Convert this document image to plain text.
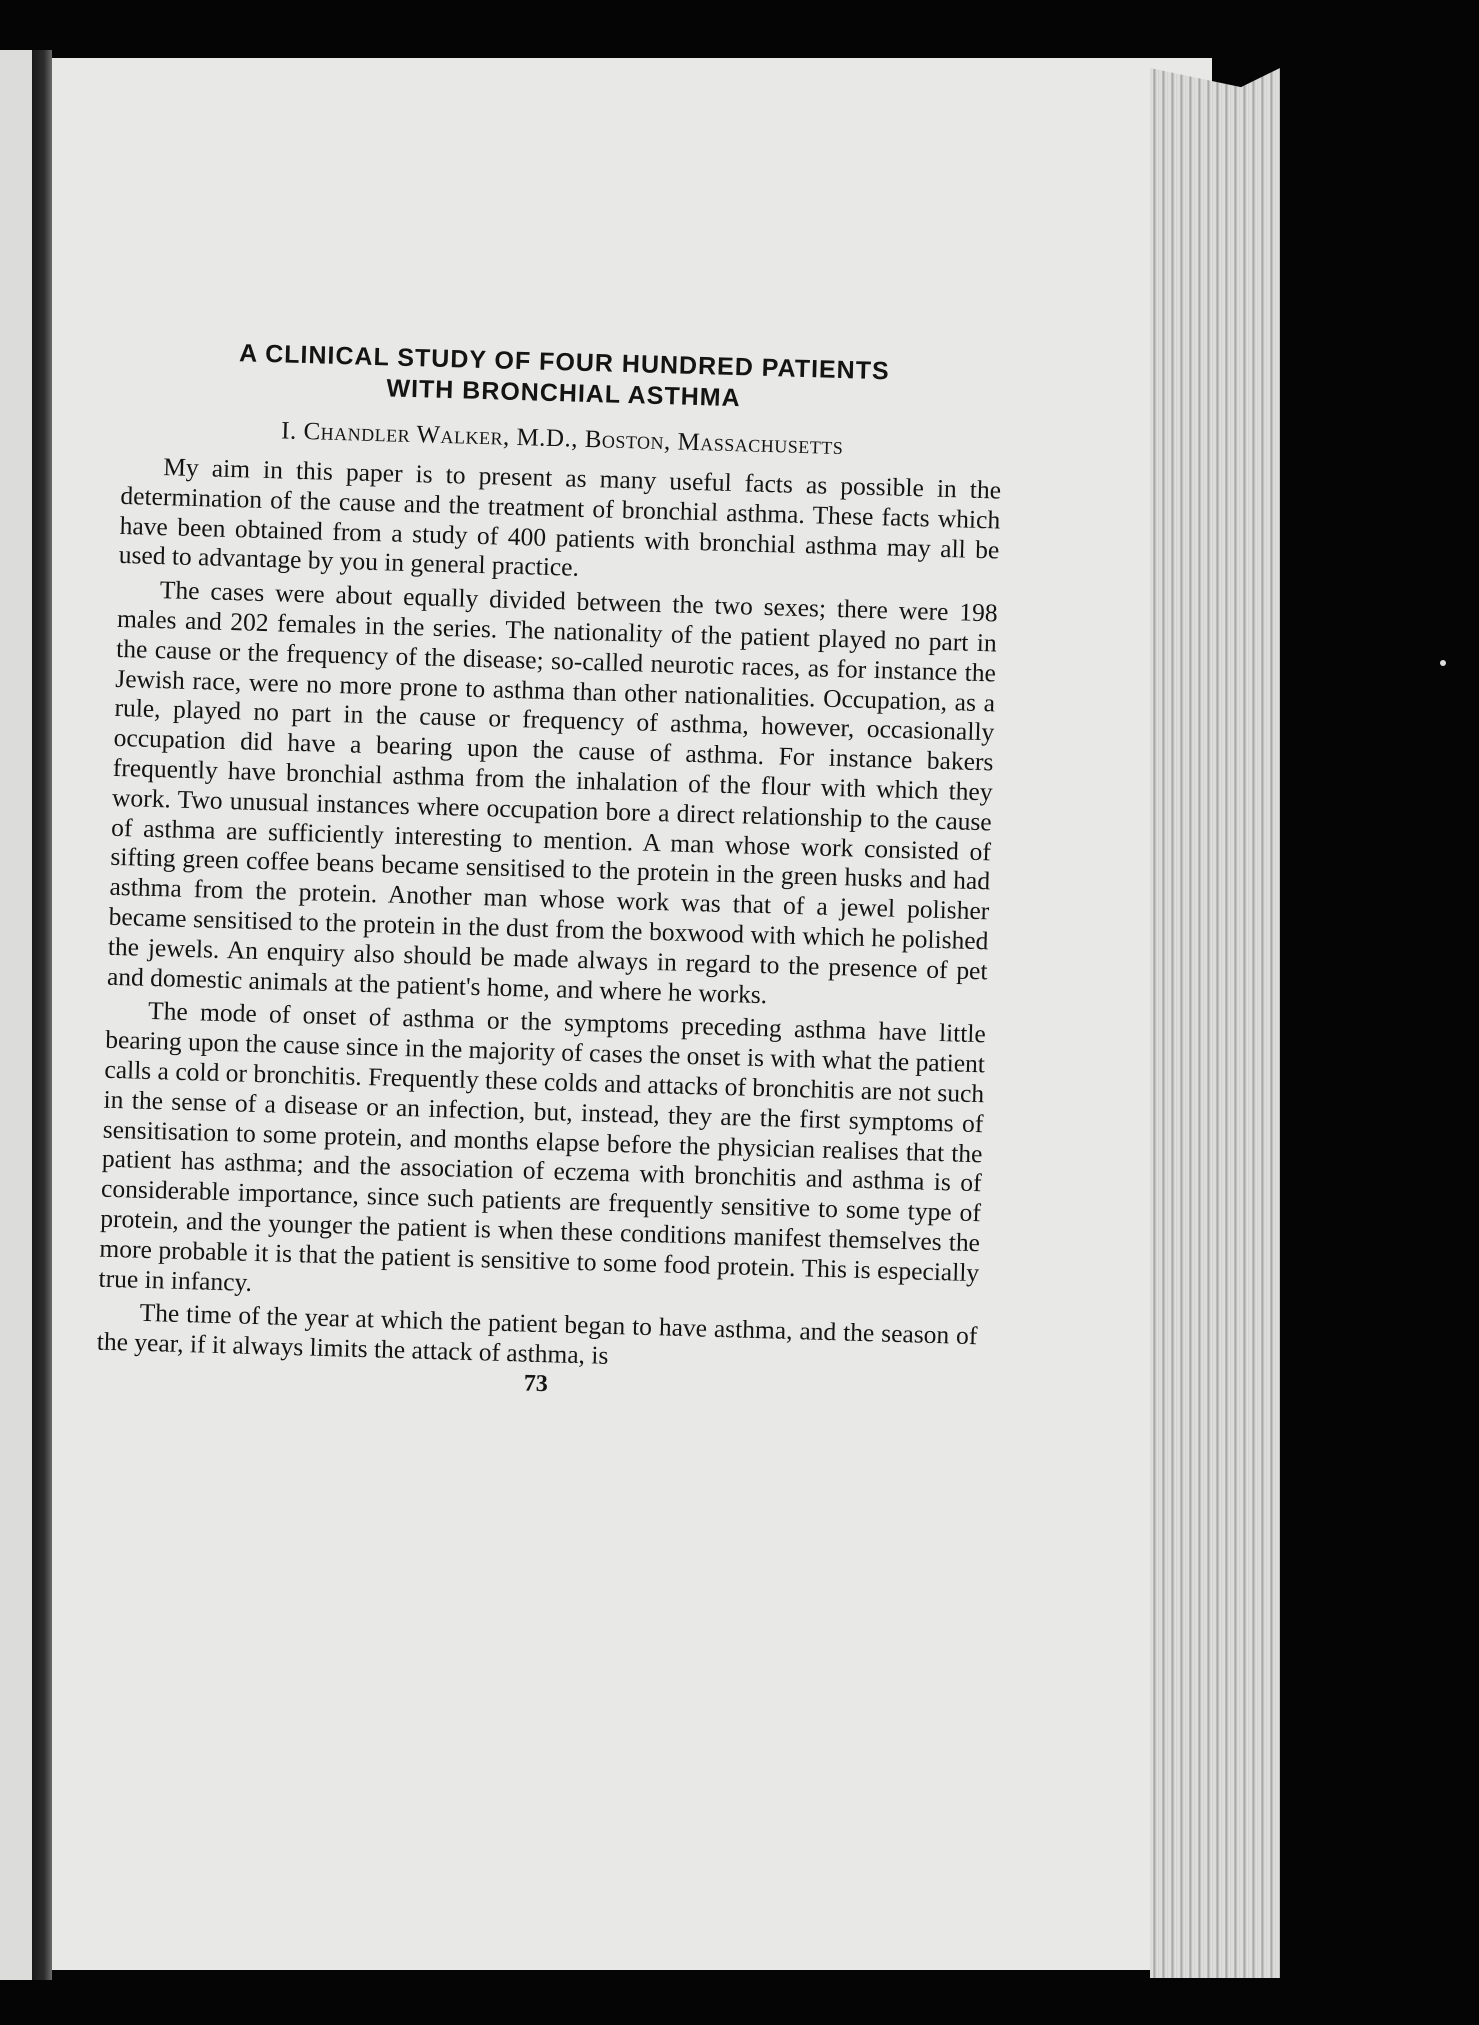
A CLINICAL STUDY OF FOUR HUNDRED PATIENTS
WITH BRONCHIAL ASTHMA
I. Chandler Walker, M.D., Boston, Massachusetts

My aim in this paper is to present as many useful facts as possible in the determination of the cause and the treatment of bronchial asthma. These facts which have been obtained from a study of 400 patients with bronchial asthma may all be used to advantage by you in general practice.

The cases were about equally divided between the two sexes; there were 198 males and 202 females in the series. The nationality of the patient played no part in the cause or the frequency of the disease; so-called neurotic races, as for instance the Jewish race, were no more prone to asthma than other nationalities. Occupation, as a rule, played no part in the cause or frequency of asthma, however, occasionally occupation did have a bearing upon the cause of asthma. For instance bakers frequently have bronchial asthma from the inhalation of the flour with which they work. Two unusual instances where occupation bore a direct relationship to the cause of asthma are sufficiently interesting to mention. A man whose work consisted of sifting green coffee beans became sensitised to the protein in the green husks and had asthma from the protein. Another man whose work was that of a jewel polisher became sensitised to the protein in the dust from the boxwood with which he polished the jewels. An enquiry also should be made always in regard to the presence of pet and domestic animals at the patient's home, and where he works.

The mode of onset of asthma or the symptoms preceding asthma have little bearing upon the cause since in the majority of cases the onset is with what the patient calls a cold or bronchitis. Frequently these colds and attacks of bronchitis are not such in the sense of a disease or an infection, but, instead, they are the first symptoms of sensitisation to some protein, and months elapse before the physician realises that the patient has asthma; and the association of eczema with bronchitis and asthma is of considerable importance, since such patients are frequently sensitive to some type of protein, and the younger the patient is when these conditions manifest themselves the more probable it is that the patient is sensitive to some food protein. This is especially true in infancy.

The time of the year at which the patient began to have asthma, and the season of the year, if it always limits the attack of asthma, is

73
